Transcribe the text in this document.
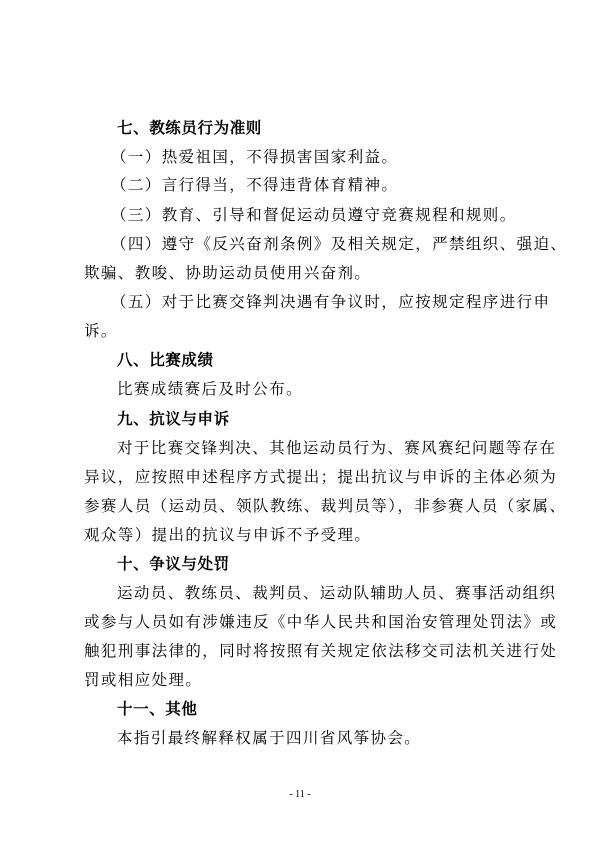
七、教练员行为准则
（一）热爱祖国，不得损害国家利益。
（二）言行得当，不得违背体育精神。
（三）教育、引导和督促运动员遵守竞赛规程和规则。
（四）遵守《反兴奋剂条例》及相关规定，严禁组织、强迫、
欺骗、教唆、协助运动员使用兴奋剂。
（五）对于比赛交锋判决遇有争议时，应按规定程序进行申
诉。
八、比赛成绩
比赛成绩赛后及时公布。
九、抗议与申诉
对于比赛交锋判决、其他运动员行为、赛风赛纪问题等存在
异议，应按照申述程序方式提出；提出抗议与申诉的主体必须为
参赛人员（运动员、领队教练、裁判员等），非参赛人员（家属、
观众等）提出的抗议与申诉不予受理。
十、争议与处罚
运动员、教练员、裁判员、运动队辅助人员、赛事活动组织
或参与人员如有涉嫌违反《中华人民共和国治安管理处罚法》或
触犯刑事法律的，同时将按照有关规定依法移交司法机关进行处
罚或相应处理。
十一、其他
本指引最终解释权属于四川省风筝协会。
- 11 -
